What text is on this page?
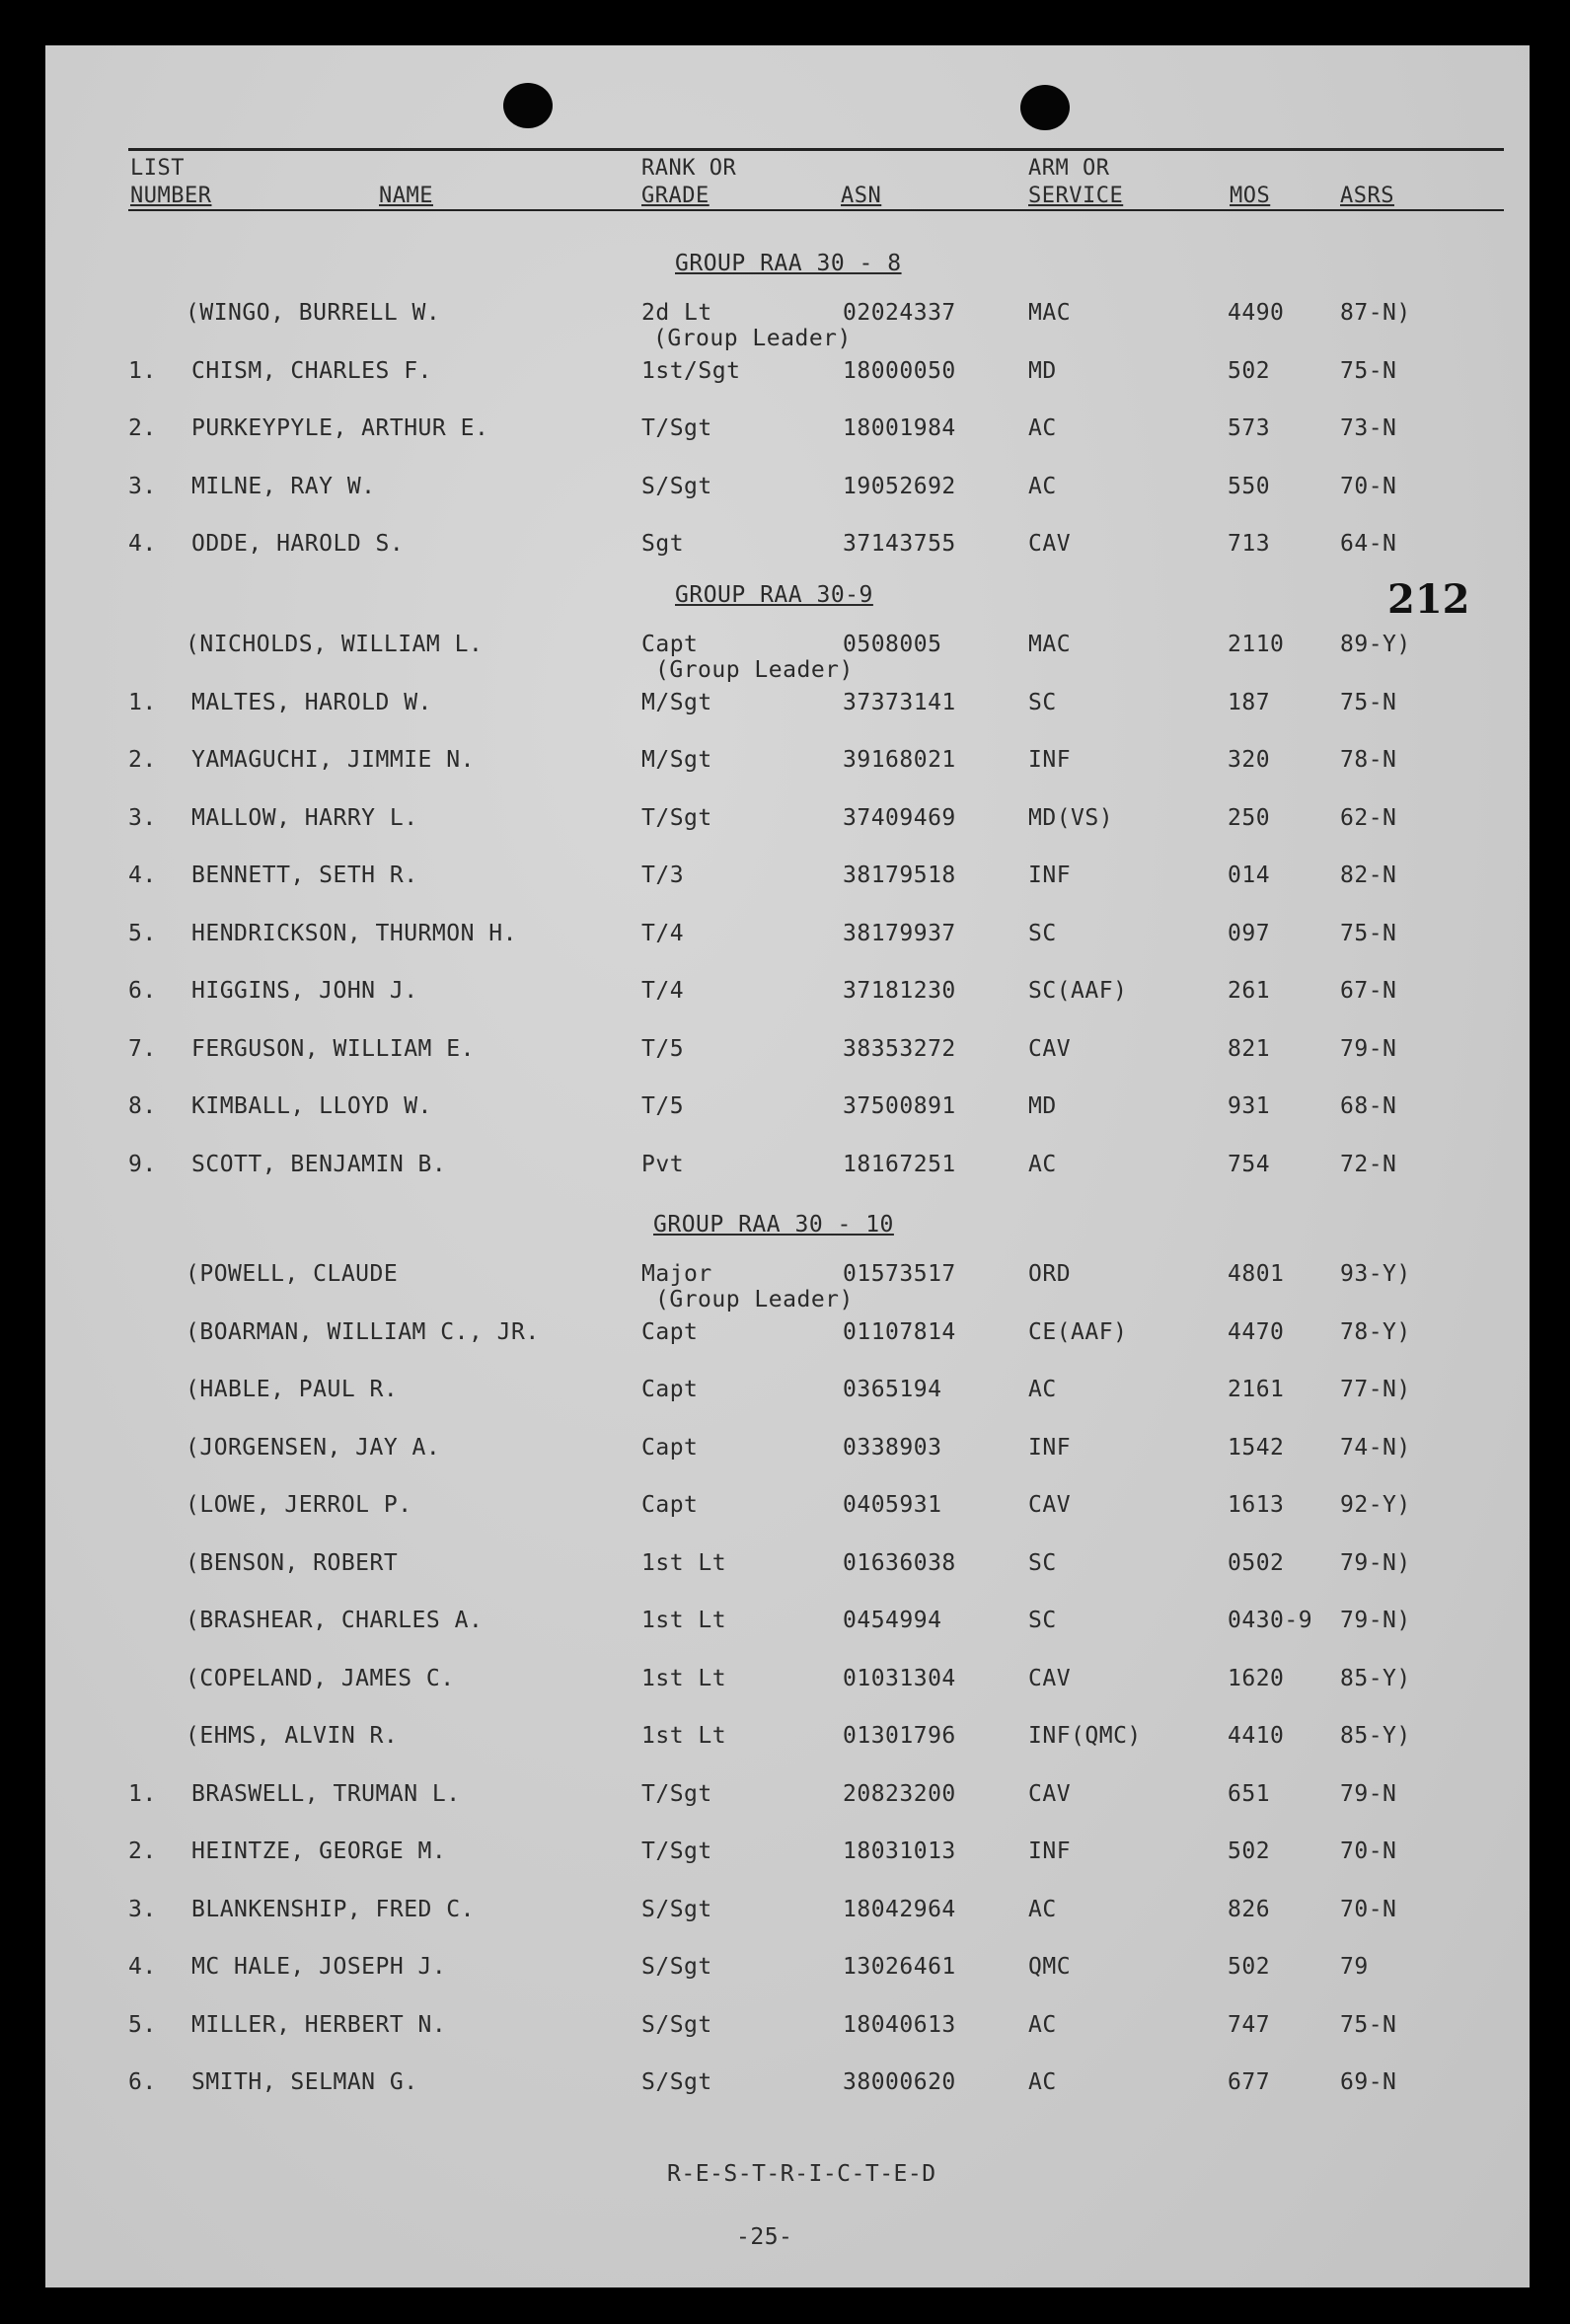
LIST
NUMBER	NAME
RANK OR
GRADE	ASN
ARM OR
SERVICE	MOS	ASRS
212
GROUP RAA 30 - 8
(WINGO, BURRELL W.	2d Lt	02024337	MAC	4490 87-N)
(Group Leader)
1. CHISM, CHARLES F.	1st/Sgt	18000050	MD	502	75-N
2. PURKEYPYLE, ARTHUR E.	T/Sgt	18001984	AC	573	73-N
3. MILNE, RAY W.	S/Sgt	19052692	AC	550	70-N
4. ODDE, HAROLD S.	Sgt	37143755	CAV	713	64-N
GROUP RAA 30-9
(NICHOLDS, WILLIAM L.	Capt	0508005	MAC	2110 89-Y)
(Group Leader)
1. MALTES, HAROLD W.	M/Sgt	37373141	SC	187	75-N
2. YAMAGUCHI, JIMMIE N.	M/Sgt	39168021	INF	320	78-N
3. MALLOW, HARRY L.	T/Sgt	37409469	MD(VS)	250	62-N
4. BENNETT, SETH R.	T/3	38179518	INF	014	82-N
5. HENDRICKSON, THURMON H.	T/4	38179937	SC	097	75-N
6. HIGGINS, JOHN J.	T/4	37181230	SC(AAF)	261	67-N
7. FERGUSON, WILLIAM E.	T/5	38353272	CAV	821	79-N
8. KIMBALL, LLOYD W.	T/5	37500891	MD	931	68-N
9. SCOTT, BENJAMIN B.	Pvt	18167251	AC	754	72-N
GROUP RAA 30 - 10
(POWELL, CLAUDE	Major	01573517	ORD	4801 93-Y)
(Group Leader)
(BOARMAN, WILLIAM C., JR.	Capt	01107814	CE(AAF)	4470 78-Y)
(HABLE, PAUL R.	Capt	0365194	AC	2161 77-N)
(JORGENSEN, JAY A.	Capt	0338903	INF	1542 74-N)
(LOWE, JERROL P.	Capt	0405931	CAV	1613 92-Y)
(BENSON, ROBERT	1st Lt	01636038	SC	0502 79-N)
(BRASHEAR, CHARLES A.	1st Lt	0454994	SC	0430-9 79-N)
(COPELAND, JAMES C.	1st Lt	01031304	CAV	1620 85-Y)
(EHMS, ALVIN R.	1st Lt	01301796	INF(QMC)	4410 85-Y)
1. BRASWELL, TRUMAN L.	T/Sgt	20823200	CAV	651	79-N
2. HEINTZE, GEORGE M.	T/Sgt	18031013	INF	502	70-N
3. BLANKENSHIP, FRED C.	S/Sgt	18042964	AC	826	70-N
4. MC HALE, JOSEPH J.	S/Sgt	13026461	QMC	502	79
5. MILLER, HERBERT N.	S/Sgt	18040613	AC	747	75-N
6. SMITH, SELMAN G.	S/Sgt	38000620	AC	677	69-N
R-E-S-T-R-I-C-T-E-D
-25-
